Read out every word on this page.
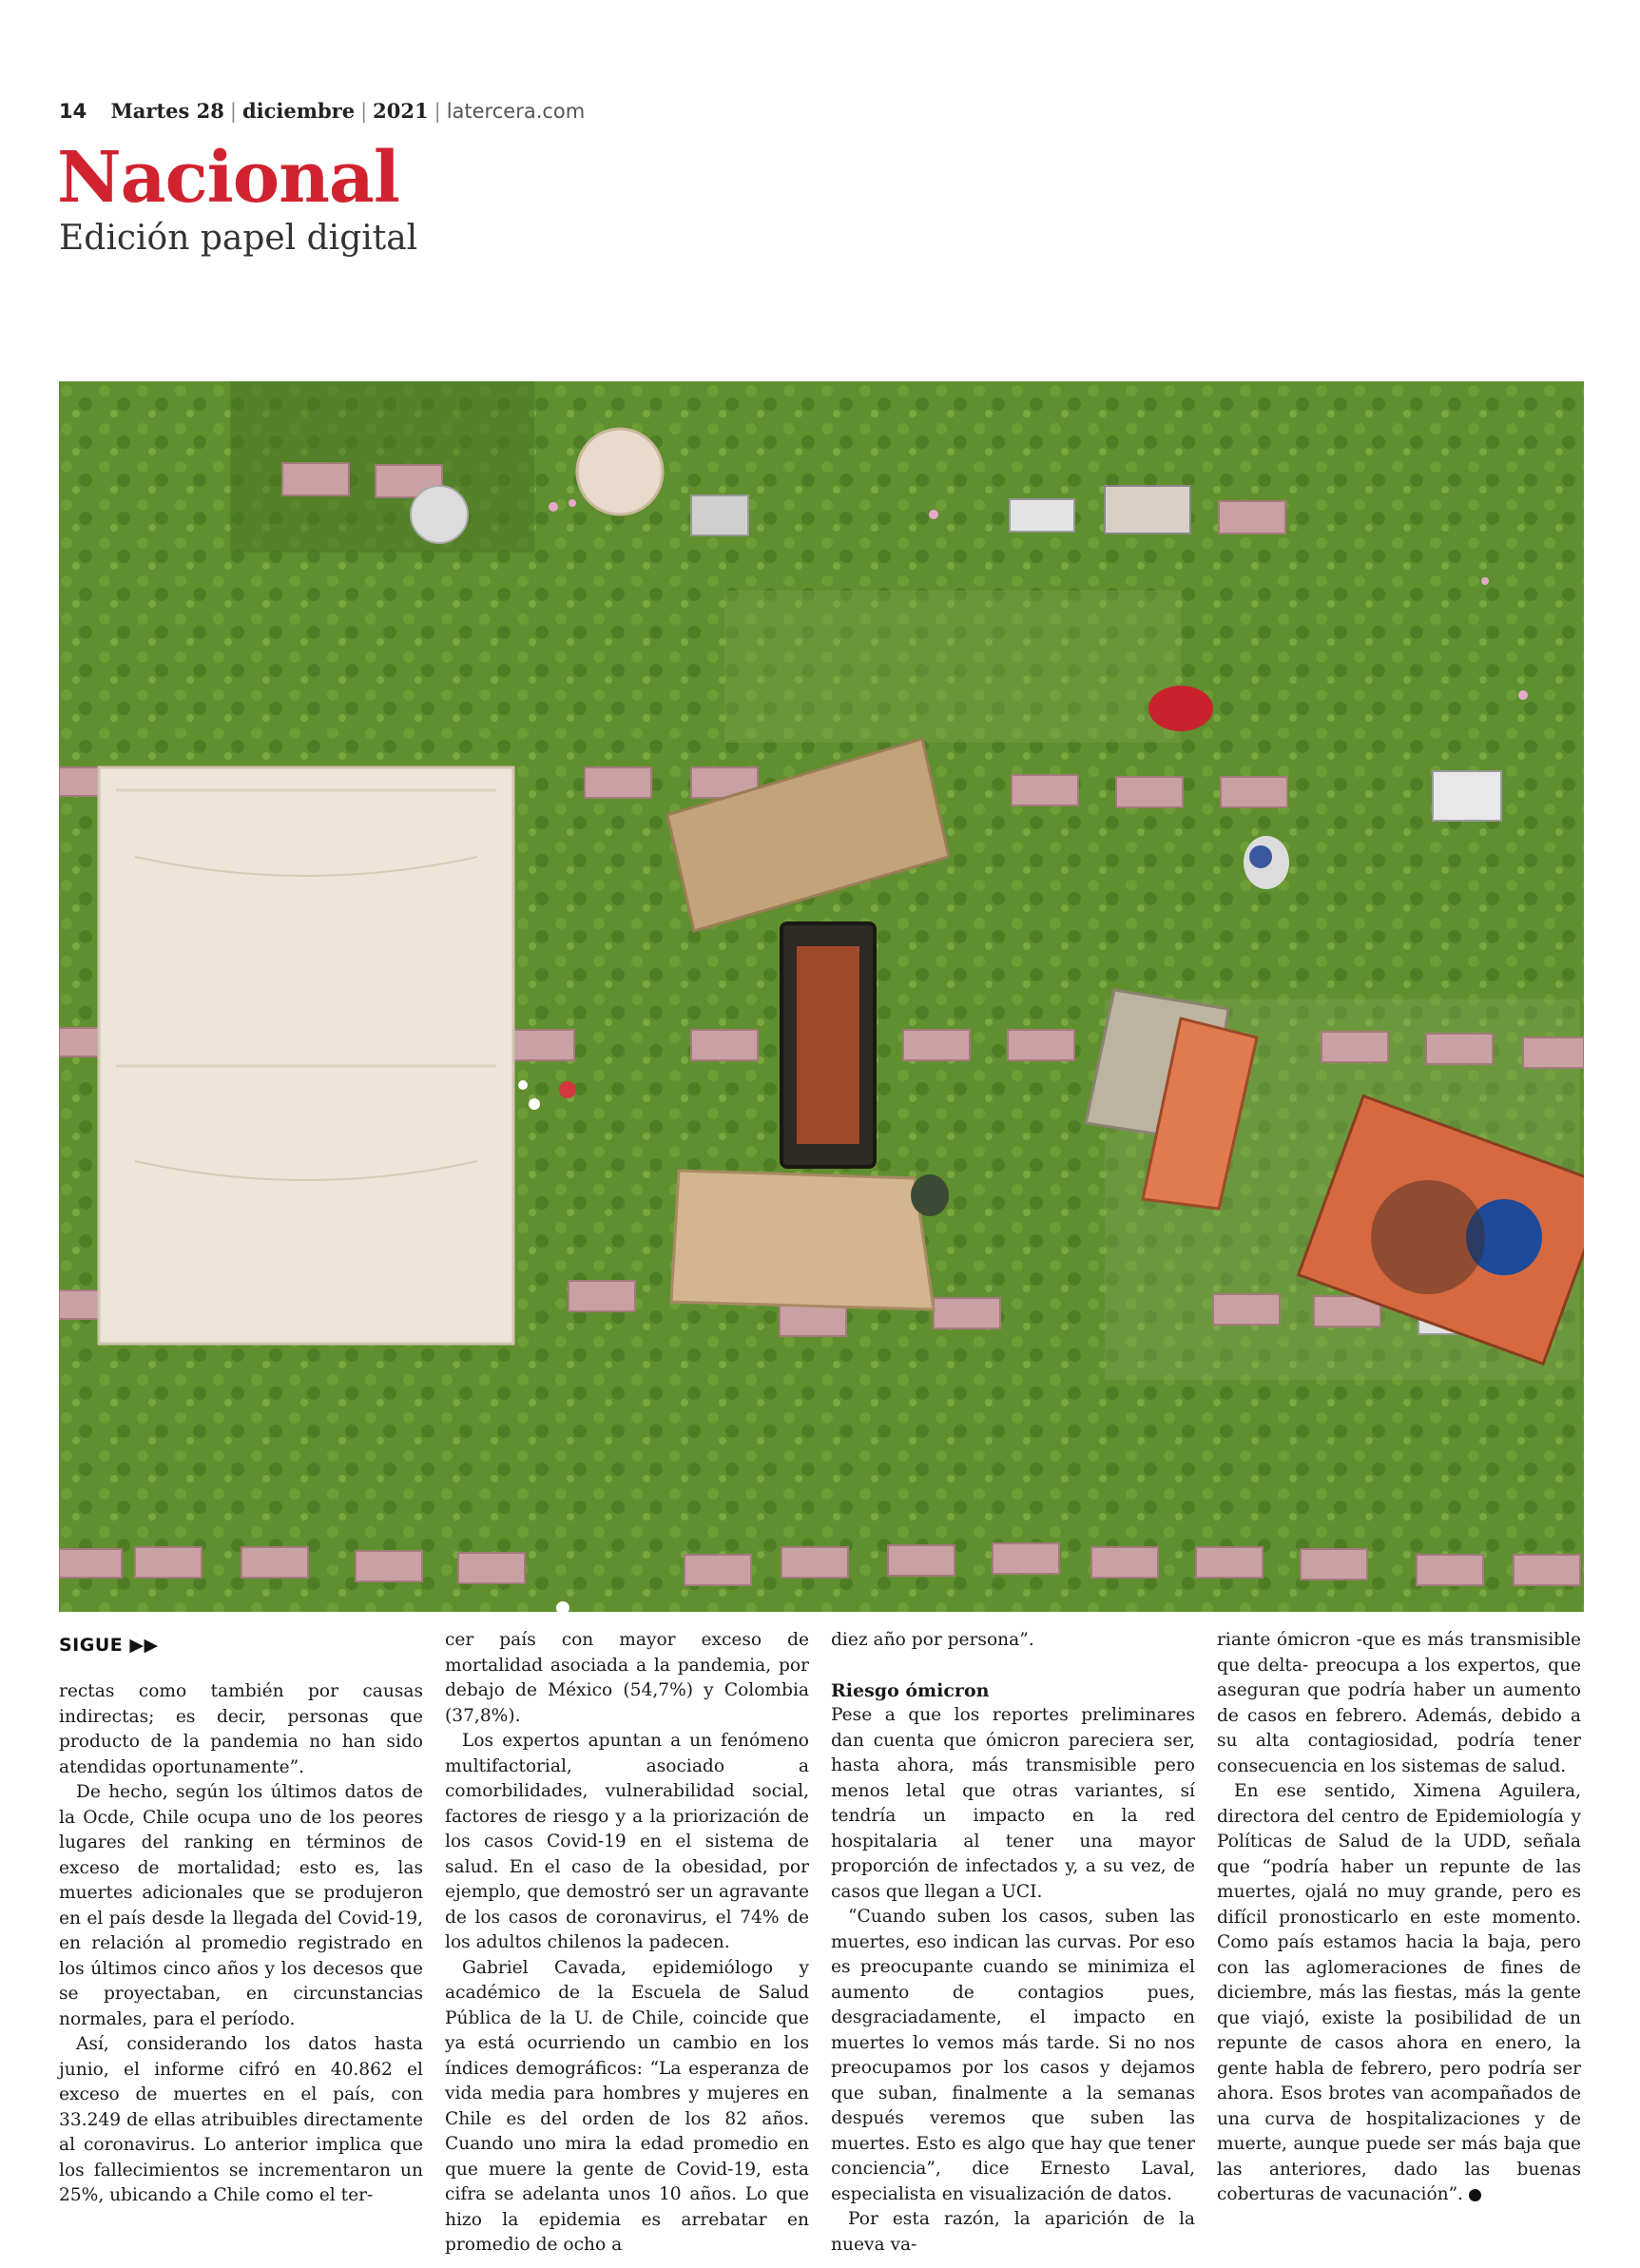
14 Martes 28 | diciembre | 2021 | latercera.com
Nacional
Edición papel digital
SIGUE ▶▶

rectas como también por causas indirectas; es decir, personas que producto de la pandemia no han sido atendidas oportunamente”.

De hecho, según los últimos datos de la Ocde, Chile ocupa uno de los peores lugares del ranking en términos de exceso de mortalidad; esto es, las muertes adicionales que se produjeron en el país desde la llegada del Covid-19, en relación al promedio registrado en los últimos cinco años y los decesos que se proyectaban, en circunstancias normales, para el período.

Así, considerando los datos hasta junio, el informe cifró en 40.862 el exceso de muertes en el país, con 33.249 de ellas atribuibles directamente al coronavirus. Lo anterior implica que los fallecimientos se incrementaron un 25%, ubicando a Chile como el ter-

cer país con mayor exceso de mortalidad asociada a la pandemia, por debajo de México (54,7%) y Colombia (37,8%).

Los expertos apuntan a un fenómeno multifactorial, asociado a comorbilidades, vulnerabilidad social, factores de riesgo y a la priorización de los casos Covid-19 en el sistema de salud. En el caso de la obesidad, por ejemplo, que demostró ser un agravante de los casos de coronavirus, el 74% de los adultos chilenos la padecen.

Gabriel Cavada, epidemiólogo y académico de la Escuela de Salud Pública de la U. de Chile, coincide que ya está ocurriendo un cambio en los índices demográficos: “La esperanza de vida media para hombres y mujeres en Chile es del orden de los 82 años. Cuando uno mira la edad promedio en que muere la gente de Covid-19, esta cifra se adelanta unos 10 años. Lo que hizo la epidemia es arrebatar en promedio de ocho a

diez año por persona”.

Riesgo ómicron

Pese a que los reportes preliminares dan cuenta que ómicron pareciera ser, hasta ahora, más transmisible pero menos letal que otras variantes, sí tendría un impacto en la red hospitalaria al tener una mayor proporción de infectados y, a su vez, de casos que llegan a UCI.

“Cuando suben los casos, suben las muertes, eso indican las curvas. Por eso es preocupante cuando se minimiza el aumento de contagios pues, desgraciadamente, el impacto en muertes lo vemos más tarde. Si no nos preocupamos por los casos y dejamos que suban, finalmente a la semanas después veremos que suben las muertes. Esto es algo que hay que tener conciencia”, dice Ernesto Laval, especialista en visualización de datos.

Por esta razón, la aparición de la nueva va-

riante ómicron -que es más transmisible que delta- preocupa a los expertos, que aseguran que podría haber un aumento de casos en febrero. Además, debido a su alta contagiosidad, podría tener consecuencia en los sistemas de salud.

En ese sentido, Ximena Aguilera, directora del centro de Epidemiología y Políticas de Salud de la UDD, señala que “podría haber un repunte de las muertes, ojalá no muy grande, pero es difícil pronosticarlo en este momento. Como país estamos hacia la baja, pero con las aglomeraciones de fines de diciembre, más las fiestas, más la gente que viajó, existe la posibilidad de un repunte de casos ahora en enero, la gente habla de febrero, pero podría ser ahora. Esos brotes van acompañados de una curva de hospitalizaciones y de muerte, aunque puede ser más baja que las anteriores, dado las buenas coberturas de vacunación”.
